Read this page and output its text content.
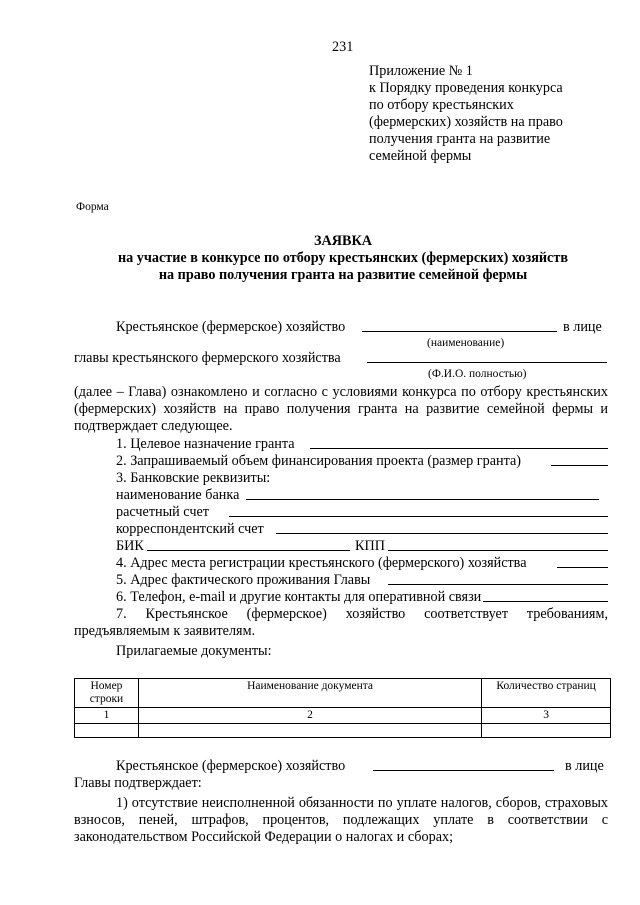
231
Приложение № 1
к Порядку проведения конкурса
по отбору крестьянских
(фермерских) хозяйств на право
получения гранта на развитие
семейной фермы
Форма
ЗАЯВКА
на участие в конкурсе по отбору крестьянских (фермерских) хозяйств
на право получения гранта на развитие семейной фермы
Крестьянское (фермерское) хозяйство	в лице
(наименование)
главы крестьянского фермерского хозяйства
(Ф.И.О. полностью)
(далее – Глава) ознакомлено и согласно с условиями конкурса по отбору крестьянских (фермерских) хозяйств на право получения гранта на развитие семейной фермы и подтверждает следующее.
1. Целевое назначение гранта
2. Запрашиваемый объем финансирования проекта (размер гранта)
3. Банковские реквизиты:
наименование банка
расчетный счет
корреспондентский счет
БИК	КПП
4. Адрес места регистрации крестьянского (фермерского) хозяйства
5. Адрес фактического проживания Главы
6. Телефон, e-mail и другие контакты для оперативной связи
7. Крестьянское (фермерское) хозяйство соответствует требованиям, предъявляемым к заявителям.
Прилагаемые документы:
Номер строки	Наименование документа	Количество страниц
1	2	3

Крестьянское (фермерское) хозяйство	в лице
Главы подтверждает:
1) отсутствие неисполненной обязанности по уплате налогов, сборов, страховых взносов, пеней, штрафов, процентов, подлежащих уплате в соответствии с законодательством Российской Федерации о налогах и сборах;
